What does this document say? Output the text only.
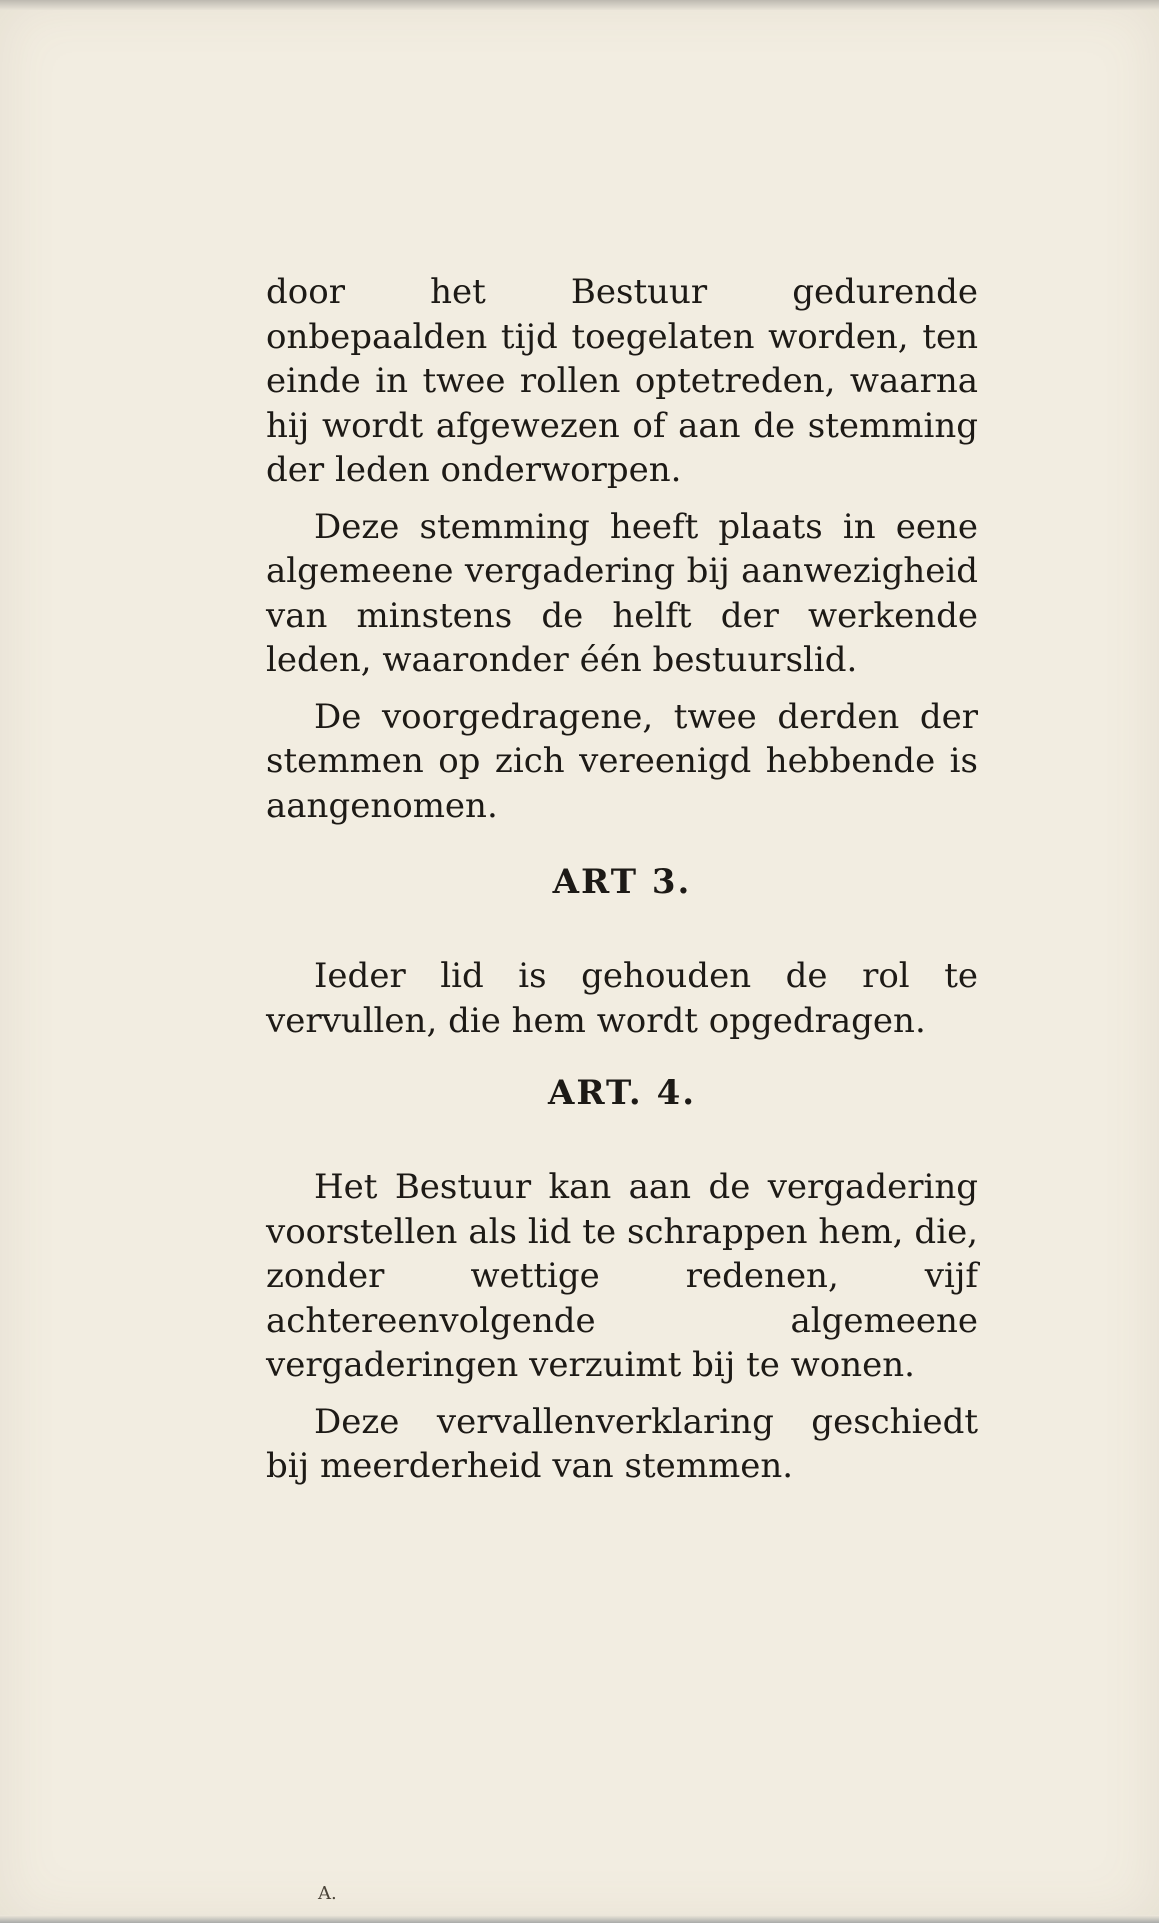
door het Bestuur gedurende onbepaalden tijd toegelaten worden, ten einde in twee rollen optetreden, waarna hij wordt afgewezen of aan de stemming der leden onderworpen.

Deze stemming heeft plaats in eene algemeene vergadering bij aanwezigheid van minstens de helft der werkende leden, waaronder één bestuurslid.

De voorgedragene, twee derden der stemmen op zich vereenigd hebbende is aangenomen.

ART 3.

Ieder lid is gehouden de rol te vervullen, die hem wordt opgedragen.

ART. 4.

Het Bestuur kan aan de vergadering voorstellen als lid te schrappen hem, die, zonder wettige redenen, vijf achtereenvolgende algemeene vergaderingen verzuimt bij te wonen.

Deze vervallenverklaring geschiedt bij meerderheid van stemmen.

A.
